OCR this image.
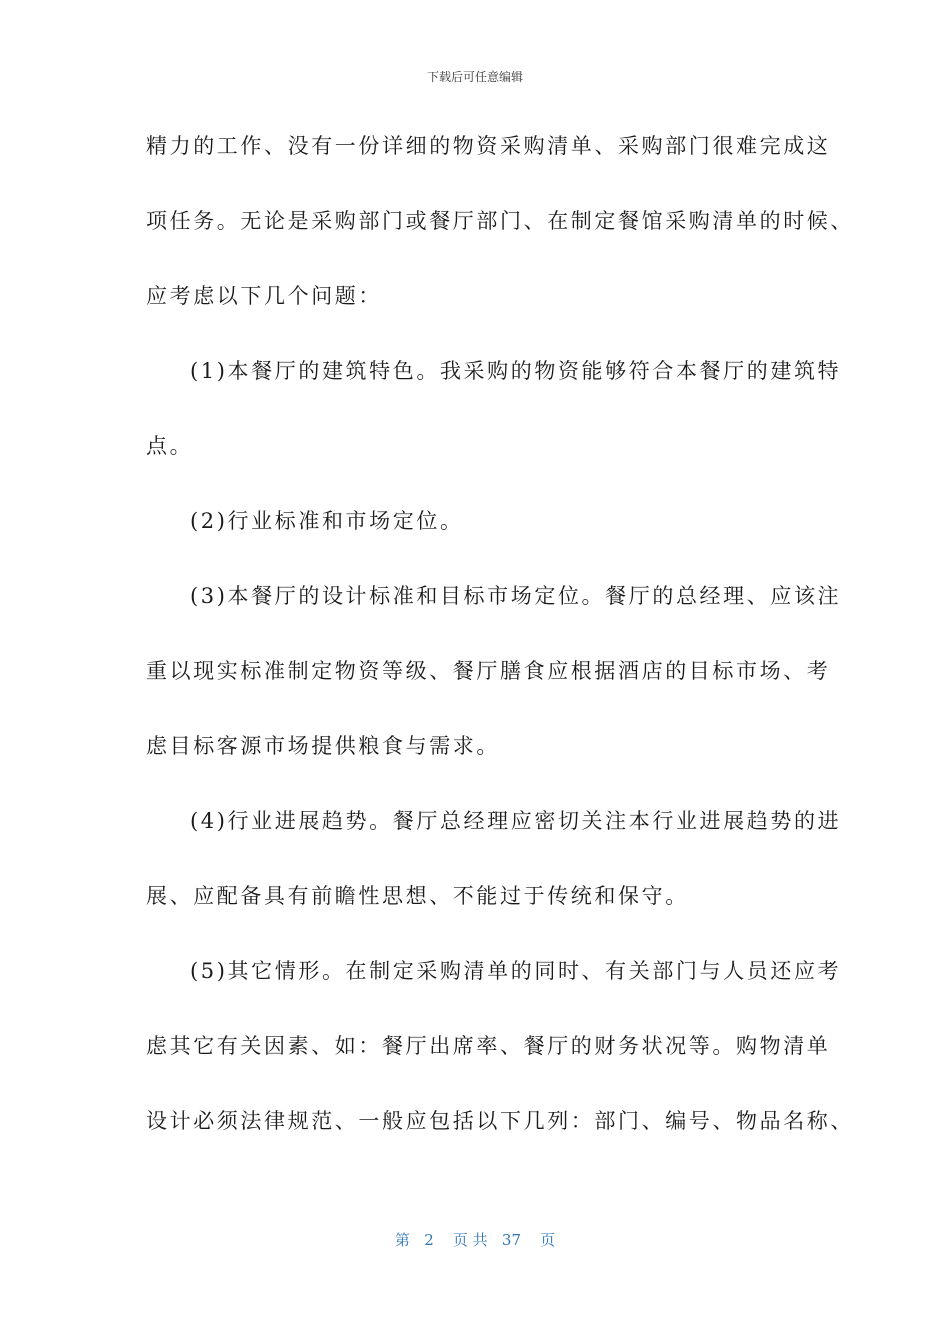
下载后可任意编辑
精力的工作、没有一份详细的物资采购清单、采购部门很难完成这
项任务。无论是采购部门或餐厅部门、在制定餐馆采购清单的时候、
应考虑以下几个问题：
(1)本餐厅的建筑特色。我采购的物资能够符合本餐厅的建筑特
点。
(2)行业标准和市场定位。
(3)本餐厅的设计标准和目标市场定位。餐厅的总经理、应该注
重以现实标准制定物资等级、餐厅膳食应根据酒店的目标市场、考
虑目标客源市场提供粮食与需求。
(4)行业进展趋势。餐厅总经理应密切关注本行业进展趋势的进
展、应配备具有前瞻性思想、不能过于传统和保守。
(5)其它情形。在制定采购清单的同时、有关部门与人员还应考
虑其它有关因素、如：餐厅出席率、餐厅的财务状况等。购物清单
设计必须法律规范、一般应包括以下几列：部门、编号、物品名称、
第 2 页 共 37 页
